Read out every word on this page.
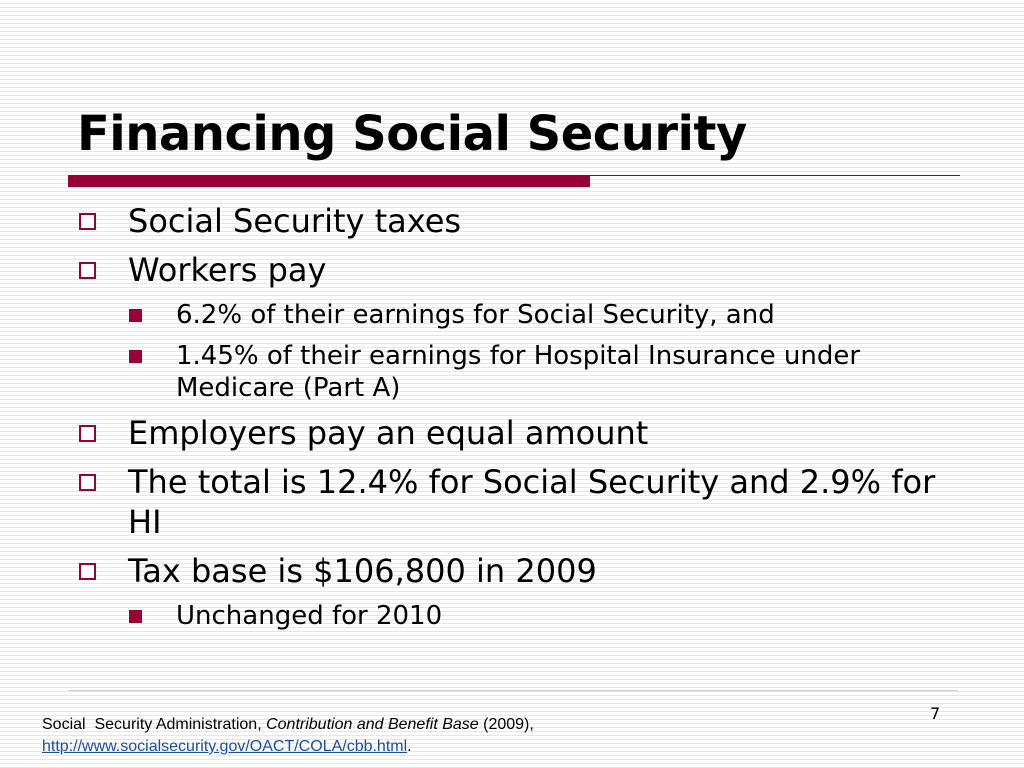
Financing Social Security
Social Security taxes
Workers pay
6.2% of their earnings for Social Security, and
1.45% of their earnings for Hospital Insurance under Medicare (Part A)
Employers pay an equal amount
The total is 12.4% for Social Security and 2.9% for HI
Tax base is $106,800 in 2009
Unchanged for 2010
7
Social  Security Administration, Contribution and Benefit Base (2009),
http://www.socialsecurity.gov/OACT/COLA/cbb.html.
